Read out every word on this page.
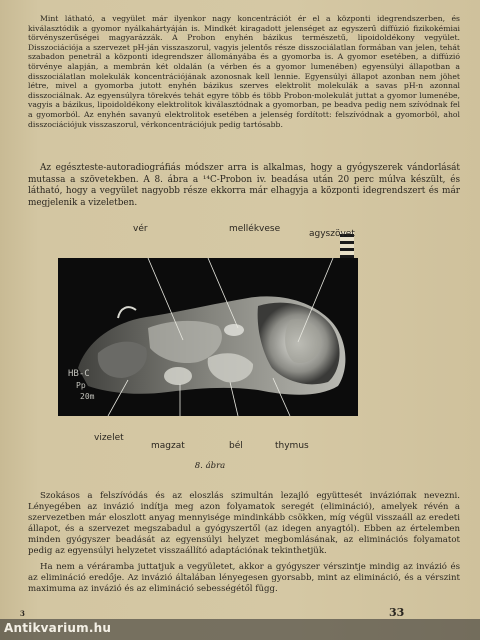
Mint látható, a vegyület már ilyenkor nagy koncentrációt ér el a központi idegrendszerben, és kiválasztódik a gyomor nyálkahártyáján is. Mindkét kiragadott jelenséget az egyszerű diffúzió fizikokémiai törvényszerűségei magyarázzák. A Probon enyhén bázikus természetű, lipoidoldékony vegyület. Disszociációja a szervezet pH-ján visszaszorul, vagyis jelentős része disszociálatlan formában van jelen, tehát szabadon penetrál a központi idegrendszer állományába és a gyomorba is. A gyomor esetében, a diffúzió törvénye alapján, a membrán két oldalán (a vérben és a gyomor lumenében) egyensúlyi állapotban a disszociálatlan molekulák koncentrációjának azonosnak kell lennie. Egyensúlyi állapot azonban nem jöhet létre, mivel a gyomorba jutott enyhén bázikus szerves elektrolit molekulák a savas pH-n azonnal disszociálnak. Az egyensúlyra törekvés tehát egyre több és több Probon-molekulát juttat a gyomor lumenébe, vagyis a bázikus, lipoidoldékony elektrolitok kiválasztódnak a gyomorban, pe beadva pedig nem szívódnak fel a gyomorból. Az enyhén savanyú elektrolitok esetében a jelenség fordított: felszívódnak a gyomorból, ahol disszociációjuk visszaszorul, vérkoncentrációjuk pedig tartósabb.

Az egészteste-autoradiográfiás módszer arra is alkalmas, hogy a gyógyszerek vándorlását mutassa a szövetekben. A 8. ábra a ¹⁴C-Probon iv. beadása után 20 perc múlva készült, és látható, hogy a vegyület nagyobb része ekkorra már elhagyja a központi idegrendszert és már megjelenik a vizeletben.

vér	mellékvese	agyszövet
HB-C
Pp
20m
vizelet
magzat	bél	thymus
8. ábra

Szokásos a felszívódás és az eloszlás szimultán lezajló együttesét invázióπak nevezni. Lényegében az invázió indítja meg azon folyamatok seregét (elimináció), amelyek révén a szervezetben már eloszlott anyag mennyisége mindinkább csökken, míg végül visszaáll az eredeti állapot, és a szervezet megszabadul a gyógyszertől (az idegen anyagtól). Ebben az értelemben minden gyógyszer beadását az egyensúlyi helyzet megbomlásának, az eliminációs folyamatot pedig az egyensúlyi helyzetet visszaállító adaptációnak tekinthetjük.

Ha nem a véráramba juttatjuk a vegyületet, akkor a gyógyszer vérszintje mindig az invázió és az elimináció eredője. Az invázió általában lényegesen gyorsabb, mint az elimináció, és a vérszint maximuma az invázió és az elimináció sebességétől függ.

3	33
Antikvarium.hu
